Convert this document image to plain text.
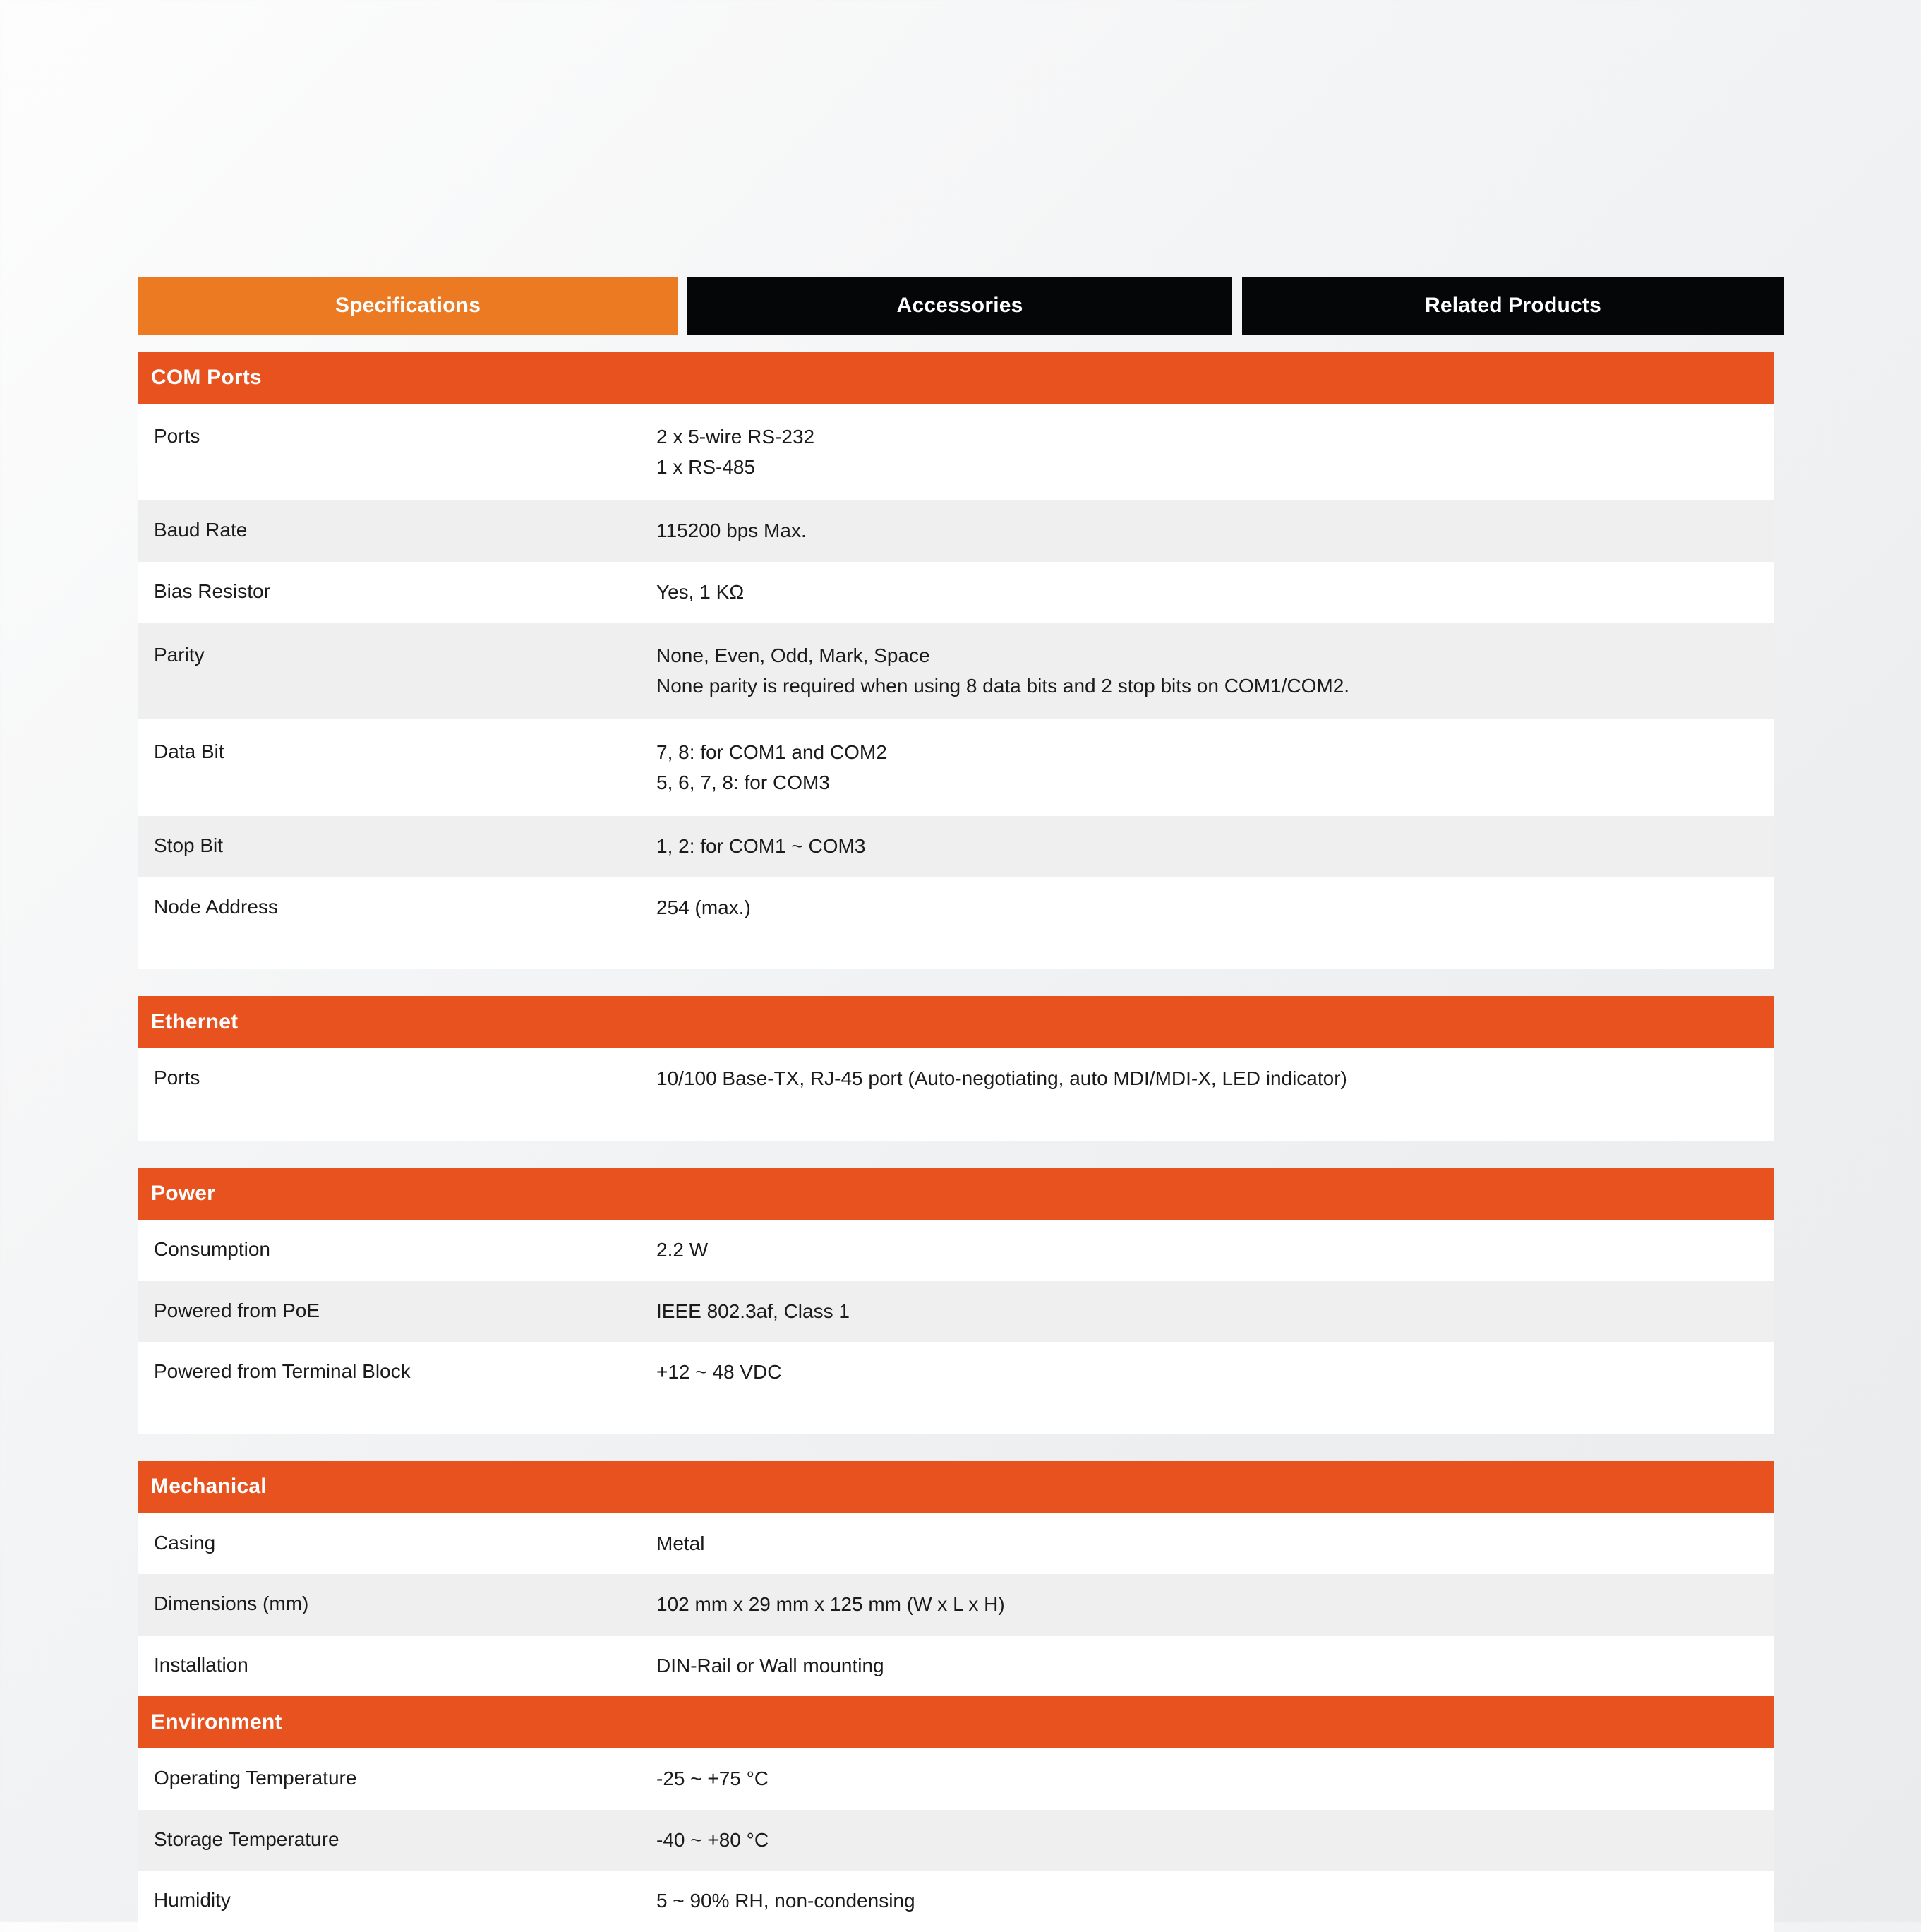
Specifications	Accessories	Related Products
COM Ports
Ports	2 x 5-wire RS-232
1 x RS-485
Baud Rate	115200 bps Max.
Bias Resistor	Yes, 1 KΩ
Parity	None, Even, Odd, Mark, Space
None parity is required when using 8 data bits and 2 stop bits on COM1/COM2.
Data Bit	7, 8: for COM1 and COM2
5, 6, 7, 8: for COM3
Stop Bit	1, 2: for COM1 ~ COM3
Node Address	254 (max.)
Ethernet
Ports	10/100 Base-TX, RJ-45 port (Auto-negotiating, auto MDI/MDI-X, LED indicator)
Power
Consumption	2.2 W
Powered from PoE	IEEE 802.3af, Class 1
Powered from Terminal Block	+12 ~ 48 VDC
Mechanical
Casing	Metal
Dimensions (mm)	102 mm x 29 mm x 125 mm (W x L x H)
Installation	DIN-Rail or Wall mounting
Environment
Operating Temperature	-25 ~ +75 °C
Storage Temperature	-40 ~ +80 °C
Humidity	5 ~ 90% RH, non-condensing
